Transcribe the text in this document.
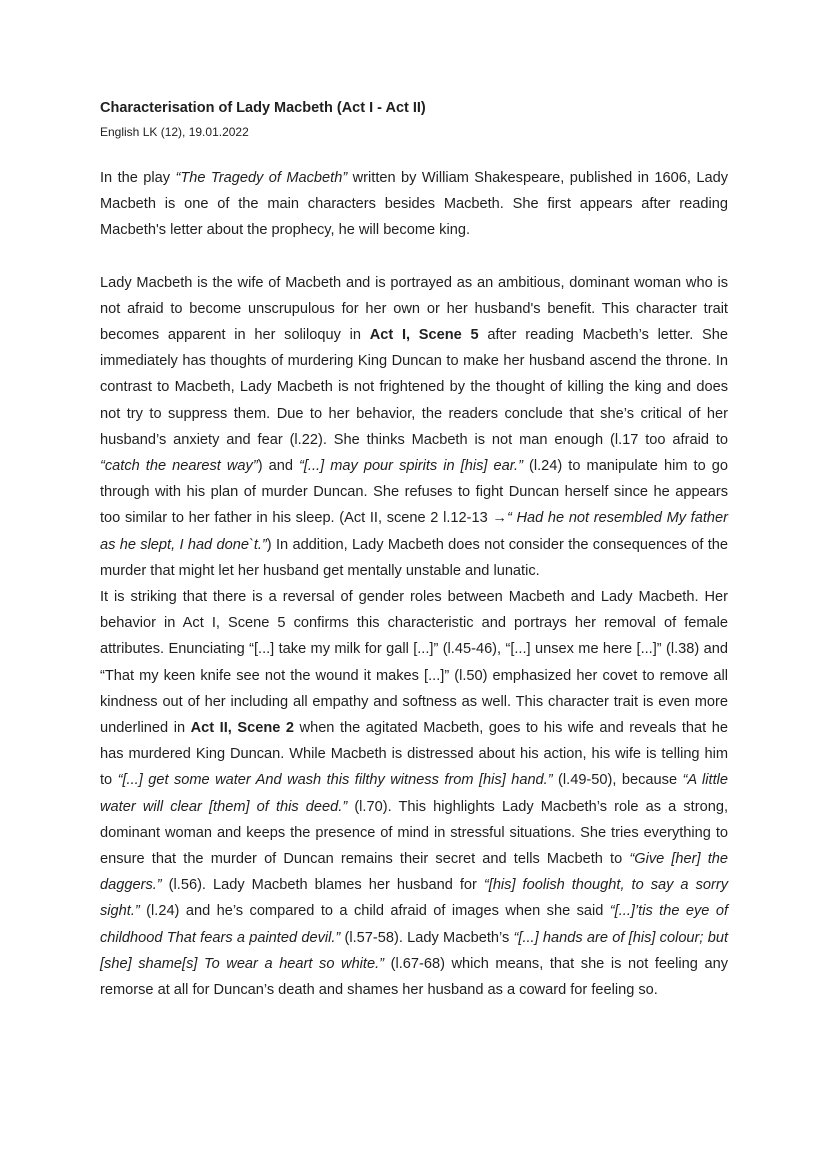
Characterisation of Lady Macbeth (Act I - Act II)
English LK (12), 19.01.2022

In the play “The Tragedy of Macbeth” written by William Shakespeare, published in 1606, Lady Macbeth is one of the main characters besides Macbeth. She first appears after reading Macbeth's letter about the prophecy, he will become king.

Lady Macbeth is the wife of Macbeth and is portrayed as an ambitious, dominant woman who is not afraid to become unscrupulous for her own or her husband's benefit. This character trait becomes apparent in her soliloquy in Act I, Scene 5 after reading Macbeth’s letter. She immediately has thoughts of murdering King Duncan to make her husband ascend the throne. In contrast to Macbeth, Lady Macbeth is not frightened by the thought of killing the king and does not try to suppress them. Due to her behavior, the readers conclude that she’s critical of her husband’s anxiety and fear (l.22). She thinks Macbeth is not man enough (l.17 too afraid to “catch the nearest way”) and “[...] may pour spirits in [his] ear.” (l.24) to manipulate him to go through with his plan of murder Duncan. She refuses to fight Duncan herself since he appears too similar to her father in his sleep. (Act II, scene 2 l.12-13 →“ Had he not resembled My father as he slept, I had done`t.”) In addition, Lady Macbeth does not consider the consequences of the murder that might let her husband get mentally unstable and lunatic.

It is striking that there is a reversal of gender roles between Macbeth and Lady Macbeth. Her behavior in Act I, Scene 5 confirms this characteristic and portrays her removal of female attributes. Enunciating “[...] take my milk for gall [...]” (l.45-46), “[...] unsex me here [...]” (l.38) and “That my keen knife see not the wound it makes [...]” (l.50) emphasized her covet to remove all kindness out of her including all empathy and softness as well. This character trait is even more underlined in Act II, Scene 2 when the agitated Macbeth, goes to his wife and reveals that he has murdered King Duncan. While Macbeth is distressed about his action, his wife is telling him to “[...] get some water And wash this filthy witness from [his] hand.” (l.49-50), because “A little water will clear [them] of this deed.” (l.70). This highlights Lady Macbeth’s role as a strong, dominant woman and keeps the presence of mind in stressful situations. She tries everything to ensure that the murder of Duncan remains their secret and tells Macbeth to “Give [her] the daggers.” (l.56). Lady Macbeth blames her husband for “[his] foolish thought, to say a sorry sight.” (l.24) and he’s compared to a child afraid of images when she said “[...]’tis the eye of childhood That fears a painted devil.” (l.57-58). Lady Macbeth’s “[...] hands are of [his] colour; but [she] shame[s] To wear a heart so white.” (l.67-68) which means, that she is not feeling any remorse at all for Duncan’s death and shames her husband as a coward for feeling so.
